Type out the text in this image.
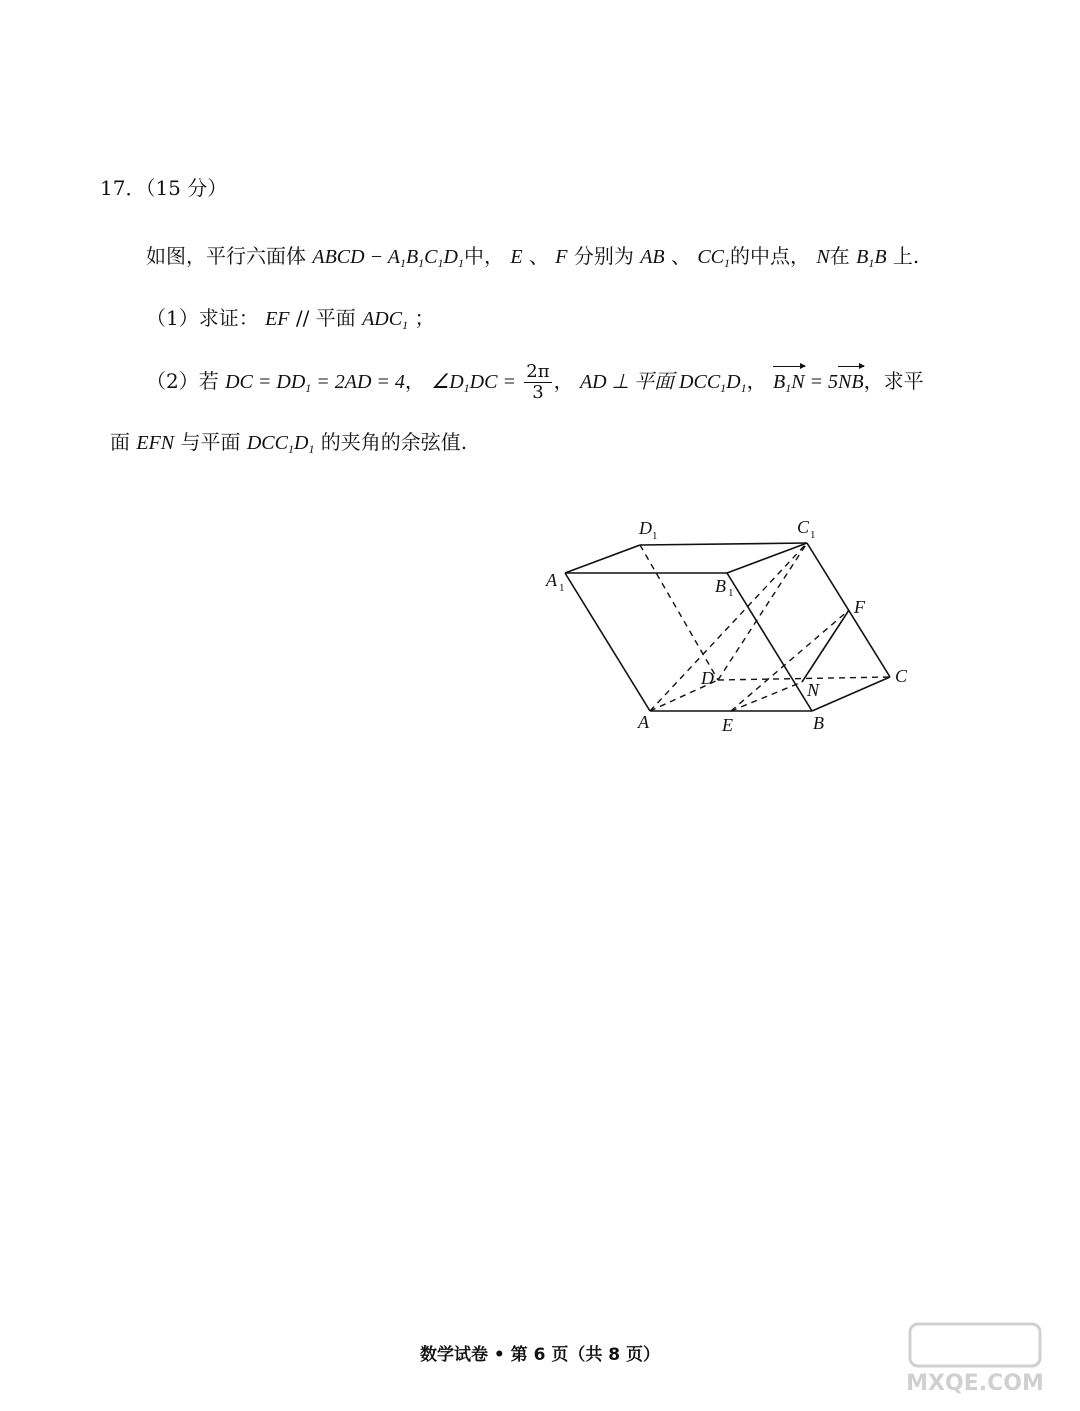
17．（15 分）
如图，平行六面体 ABCD − $A_1B_1C_1D_1$中， E 、 F 分别为 AB 、 $CC_1$的中点， N在 $B_1B$ 上.
（1）求证： EF // 平面 $ADC_1$ ；
（2）若 DC = $DD_1 = 2AD = 4$， $\angle D_1DC = \frac{2\pi}{3}$ ， AD ⊥ 平面 $DCC_1D_1$， $B_1N = 5NB$，求平
面 EFN 与平面 $DCC_1D_1$ 的夹角的余弦值.
A	B
C
D
E
F
N
A	B
C
D
1	1
1
1
数学试卷 • 第 6 页（共 8 页）
MXQE.COM
